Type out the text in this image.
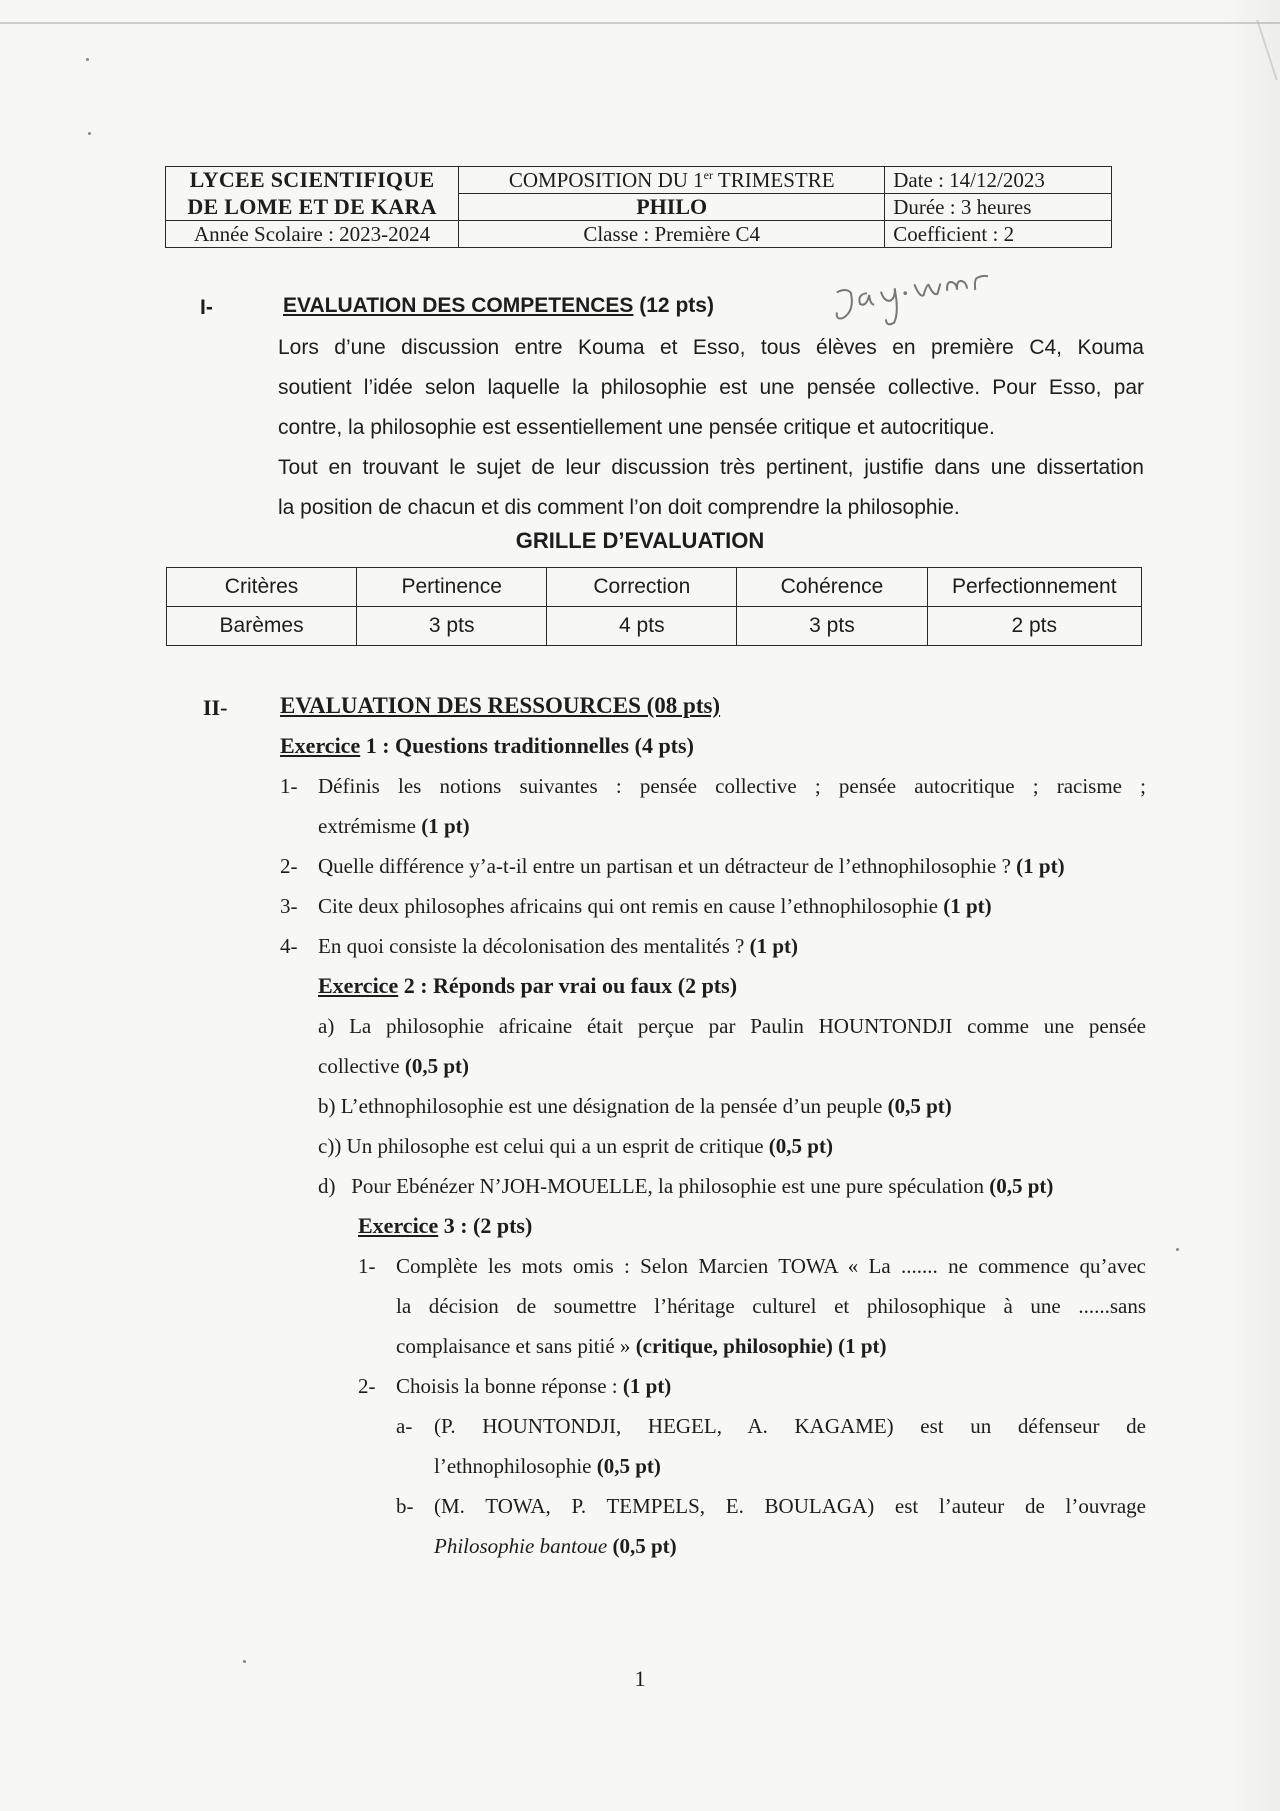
LYCEE SCIENTIFIQUE	COMPOSITION DU 1er TRIMESTRE	Date : 14/12/2023
DE LOME ET DE KARA	PHILO	Durée : 3 heures
Année Scolaire : 2023-2024	Classe : Première C4	Coefficient : 2
I-	EVALUATION DES COMPETENCES (12 pts)

Lors d’une discussion entre Kouma et Esso, tous élèves en première C4, Kouma

soutient l’idée selon laquelle la philosophie est une pensée collective. Pour Esso, par

contre, la philosophie est essentiellement une pensée critique et autocritique.

Tout en trouvant le sujet de leur discussion très pertinent, justifie dans une dissertation

la position de chacun et dis comment l’on doit comprendre la philosophie.

GRILLE D’EVALUATION
Critères	Pertinence	Correction	Cohérence	Perfectionnement
Barèmes	3 pts	4 pts	3 pts	2 pts
II- EVALUATION DES RESSOURCES (08 pts)
Exercice 1 : Questions traditionnelles (4 pts)
1- Définis les notions suivantes : pensée collective ; pensée autocritique ; racisme ;
extrémisme (1 pt)
2- Quelle différence y’a-t-il entre un partisan et un détracteur de l’ethnophilosophie ? (1 pt)
3- Cite deux philosophes africains qui ont remis en cause l’ethnophilosophie (1 pt)
4- En quoi consiste la décolonisation des mentalités ? (1 pt)
Exercice 2 : Réponds par vrai ou faux (2 pts)
a) La philosophie africaine était perçue par Paulin HOUNTONDJI comme une pensée
collective (0,5 pt)
b) L’ethnophilosophie est une désignation de la pensée d’un peuple (0,5 pt)
c)) Un philosophe est celui qui a un esprit de critique (0,5 pt)
d)   Pour Ebénézer N’JOH-MOUELLE, la philosophie est une pure spéculation (0,5 pt)
Exercice 3 : (2 pts)
1- Complète les mots omis : Selon Marcien TOWA « La ....... ne commence qu’avec
la décision de soumettre l’héritage culturel et philosophique à une ......sans
complaisance et sans pitié » (critique, philosophie) (1 pt)
2- Choisis la bonne réponse : (1 pt)
a- (P. HOUNTONDJI, HEGEL, A. KAGAME) est un défenseur de
l’ethnophilosophie (0,5 pt)
b- (M. TOWA, P. TEMPELS, E. BOULAGA) est l’auteur de l’ouvrage
Philosophie bantoue (0,5 pt)
1
